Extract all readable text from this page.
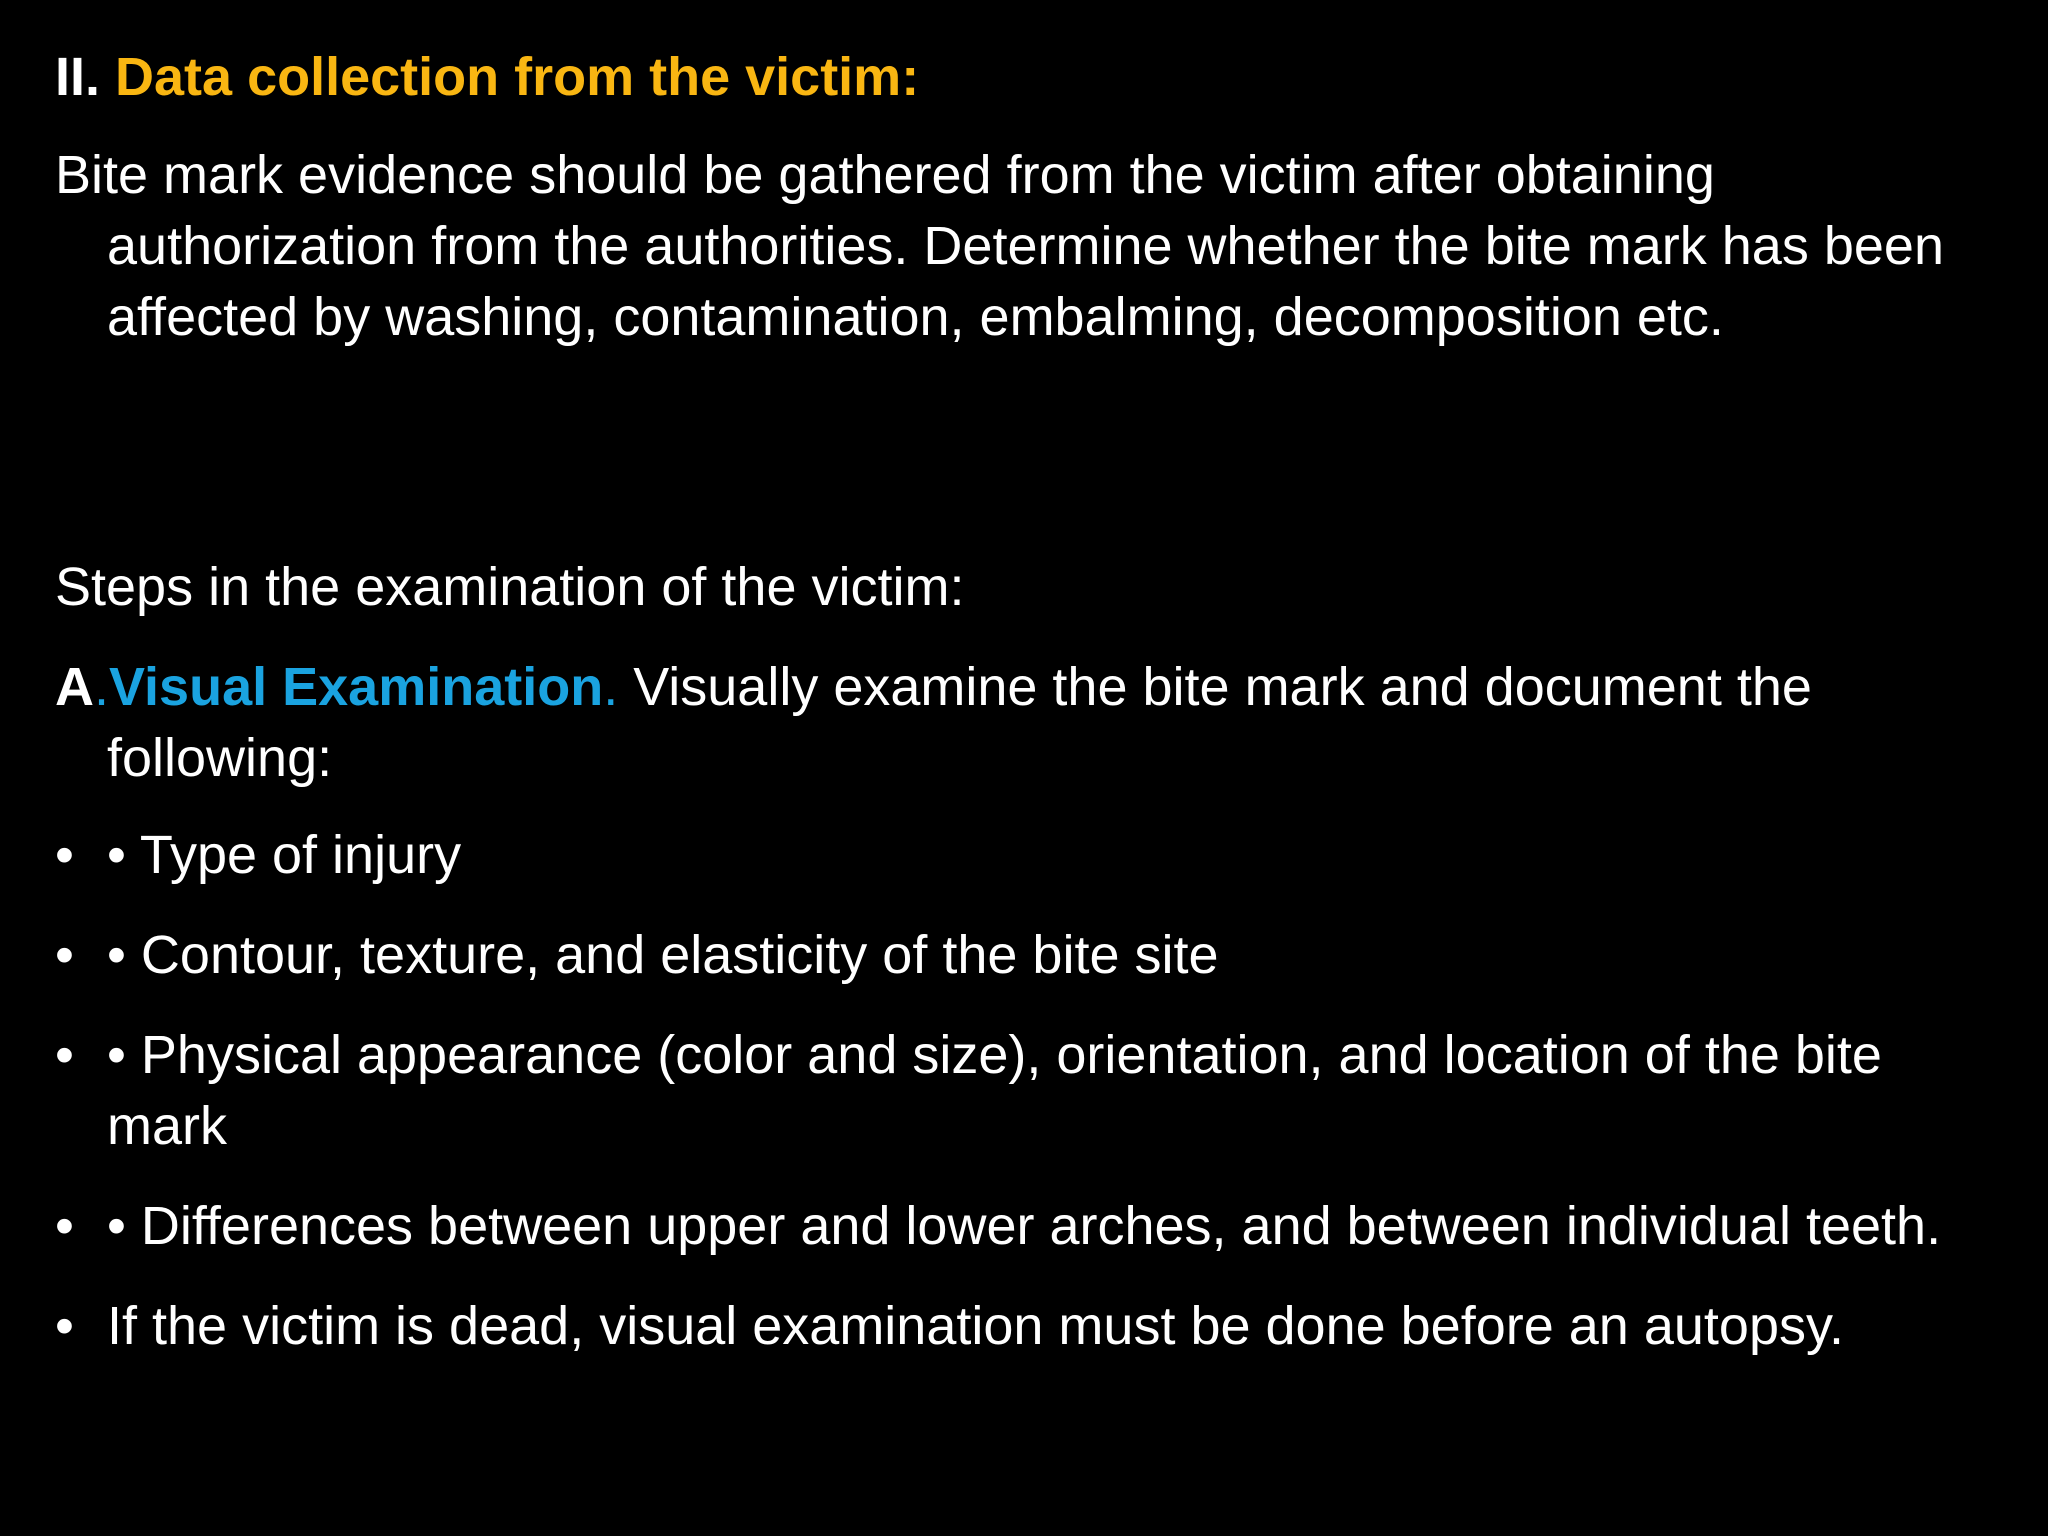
II. Data collection from the victim:
Bite mark evidence should be gathered from the victim after obtaining authorization from the authorities. Determine whether the bite mark has been affected by washing, contamination, embalming, decomposition etc.
Steps in the examination of the victim:
A.Visual Examination. Visually examine the bite mark and document the following:
• • Type of injury
• • Contour, texture, and elasticity of the bite site
• • Physical appearance (color and size), orientation, and location of the bite mark
• • Differences between upper and lower arches, and between individual teeth.
• If the victim is dead, visual examination must be done before an autopsy.
